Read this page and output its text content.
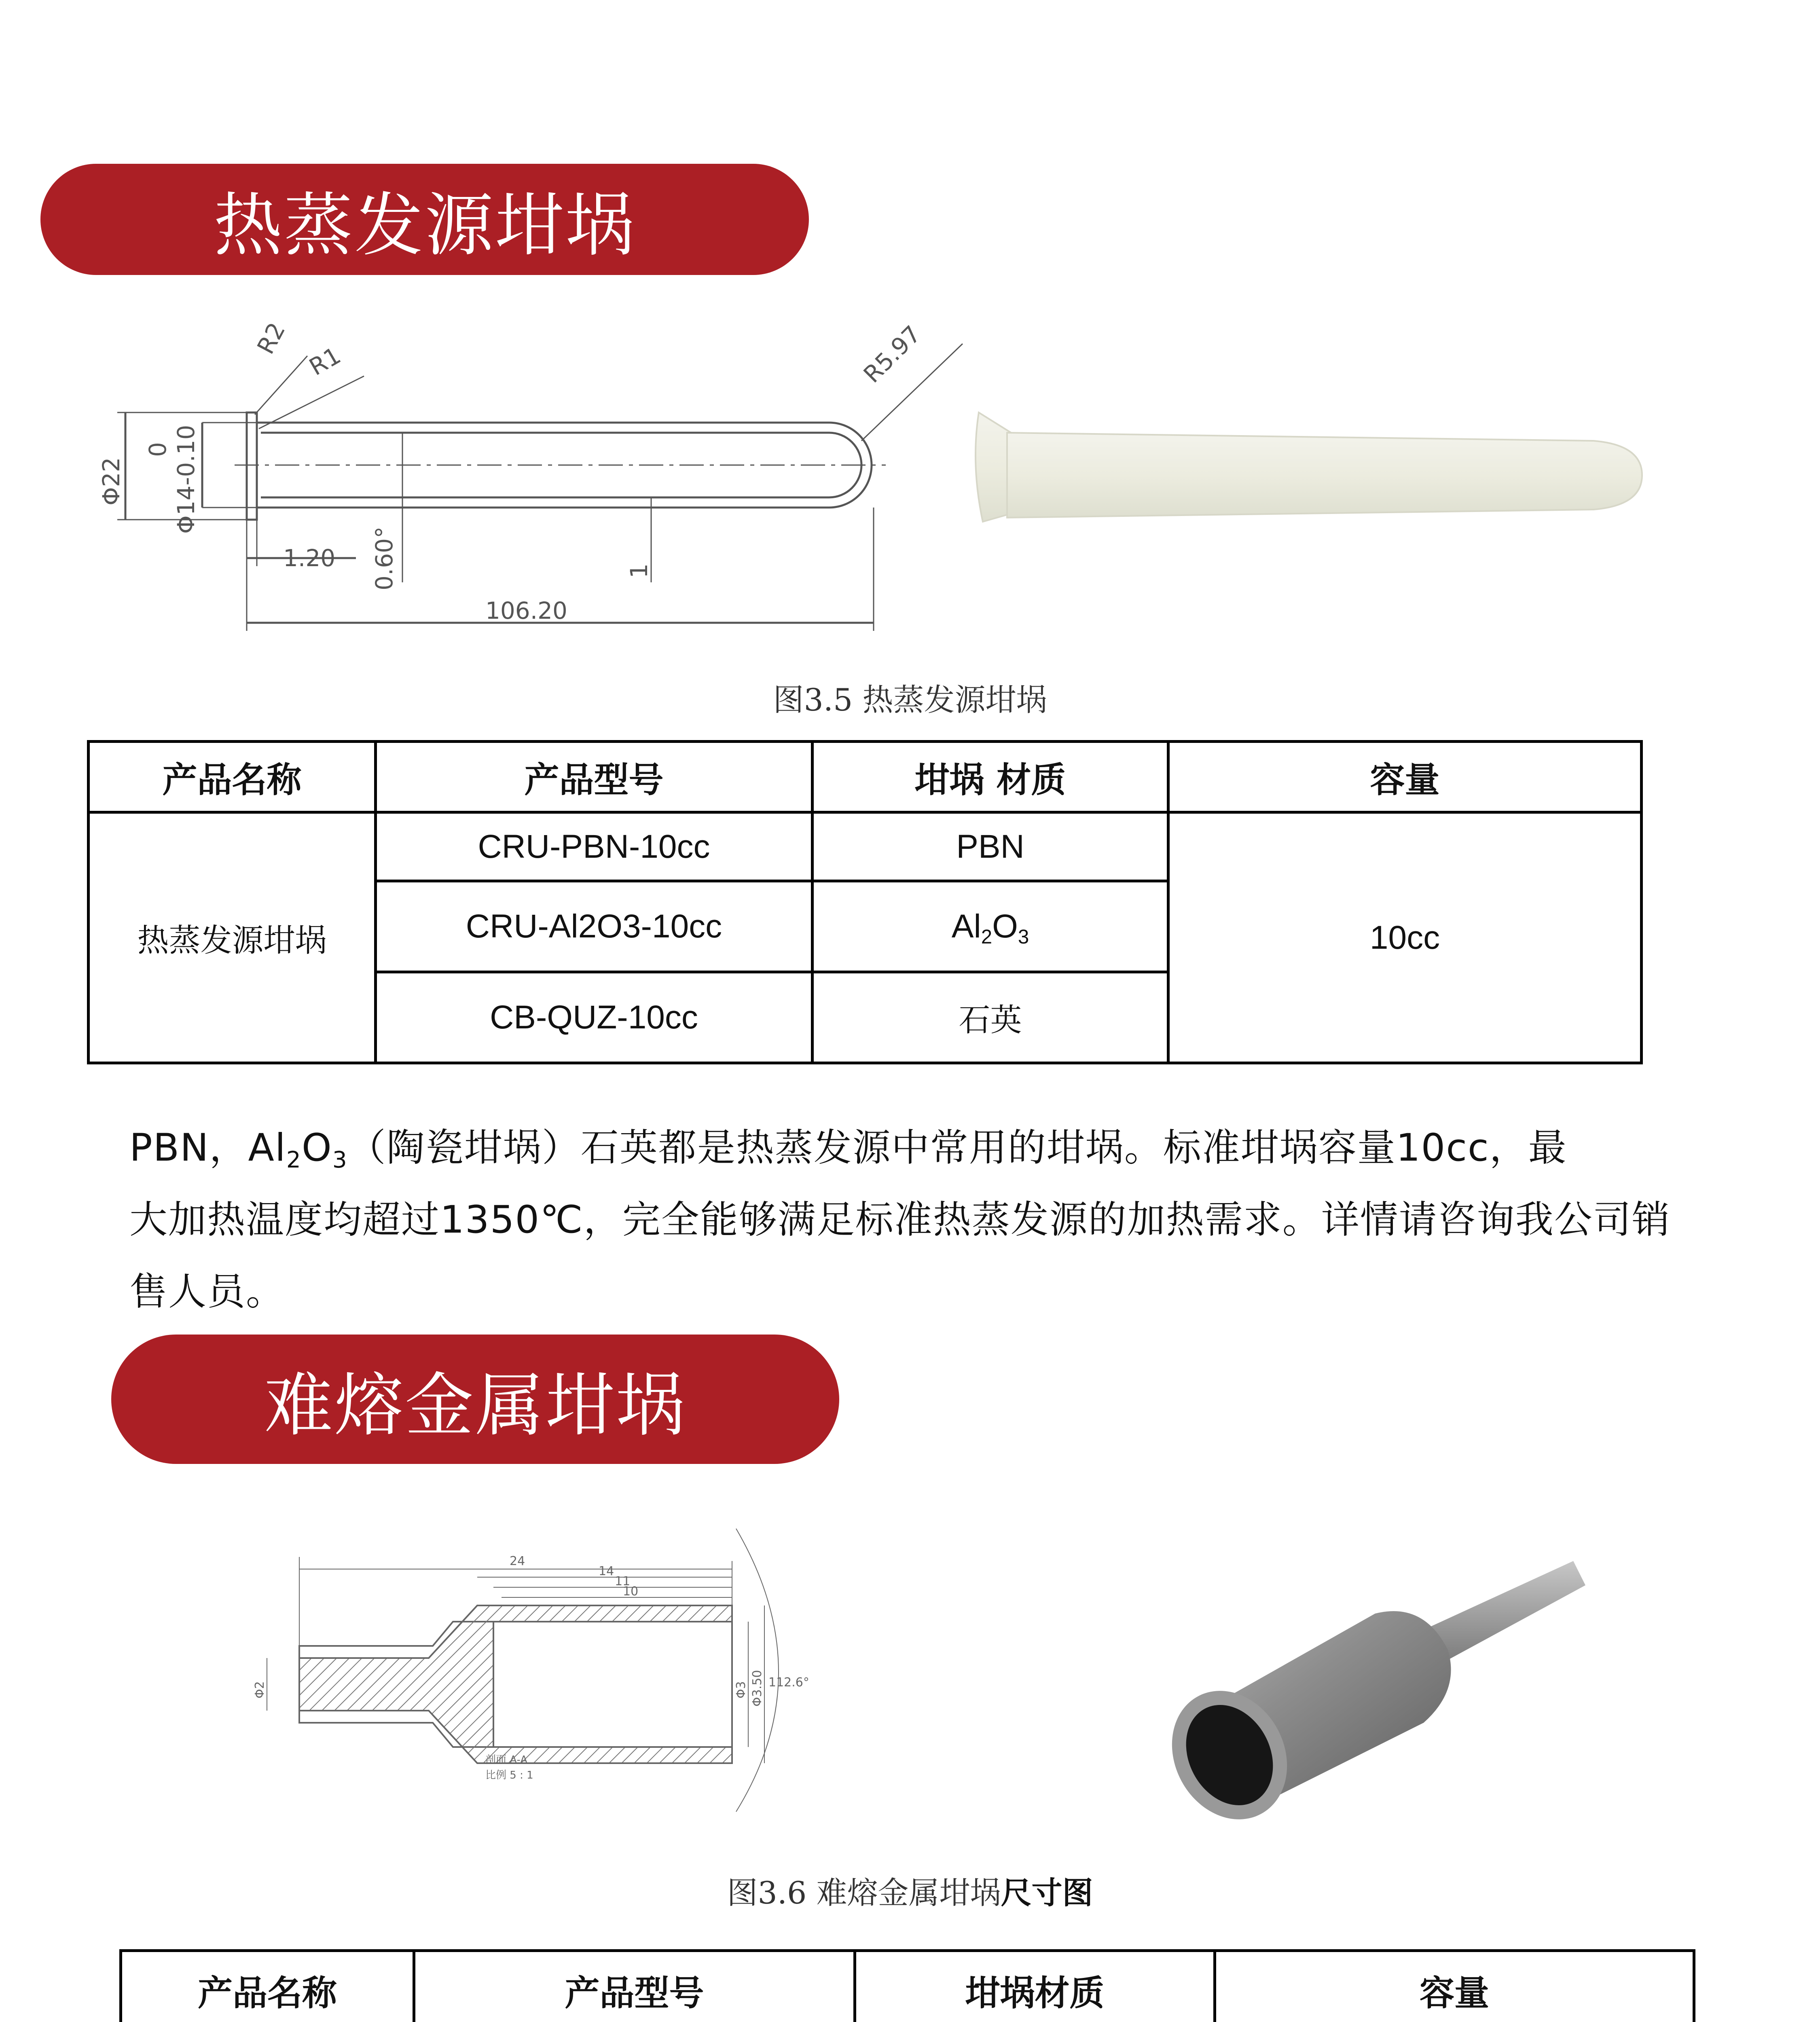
热蒸发源坩埚
R2
R1	R5.97
Φ22
0 Φ14-0.10
1.20 0.60°	1
106.20
图3.5 热蒸发源坩埚
产品名称	产品型号	坩埚 材质	容量
热蒸发源坩埚	CRU-PBN-10cc	PBN	10cc
	CRU-Al2O3-10cc	$Al_2O_3$
	CB-QUZ-10cc	石英	

PBN，$Al_2O_3$（陶瓷坩埚）石英都是热蒸发源中常用的坩埚。标准坩埚容量10cc，最

大加热温度均超过1350℃，完全能够满足标准热蒸发源的加热需求。详情请咨询我公司销

售人员。

难熔金属坩埚
24
14
11
10
Φ3 Φ3.50 112.6°
Φ2
剖面 A-A
比例 5 : 1
图3.6 难熔金属坩埚尺寸图
产品名称	产品型号	坩埚材质	容量
